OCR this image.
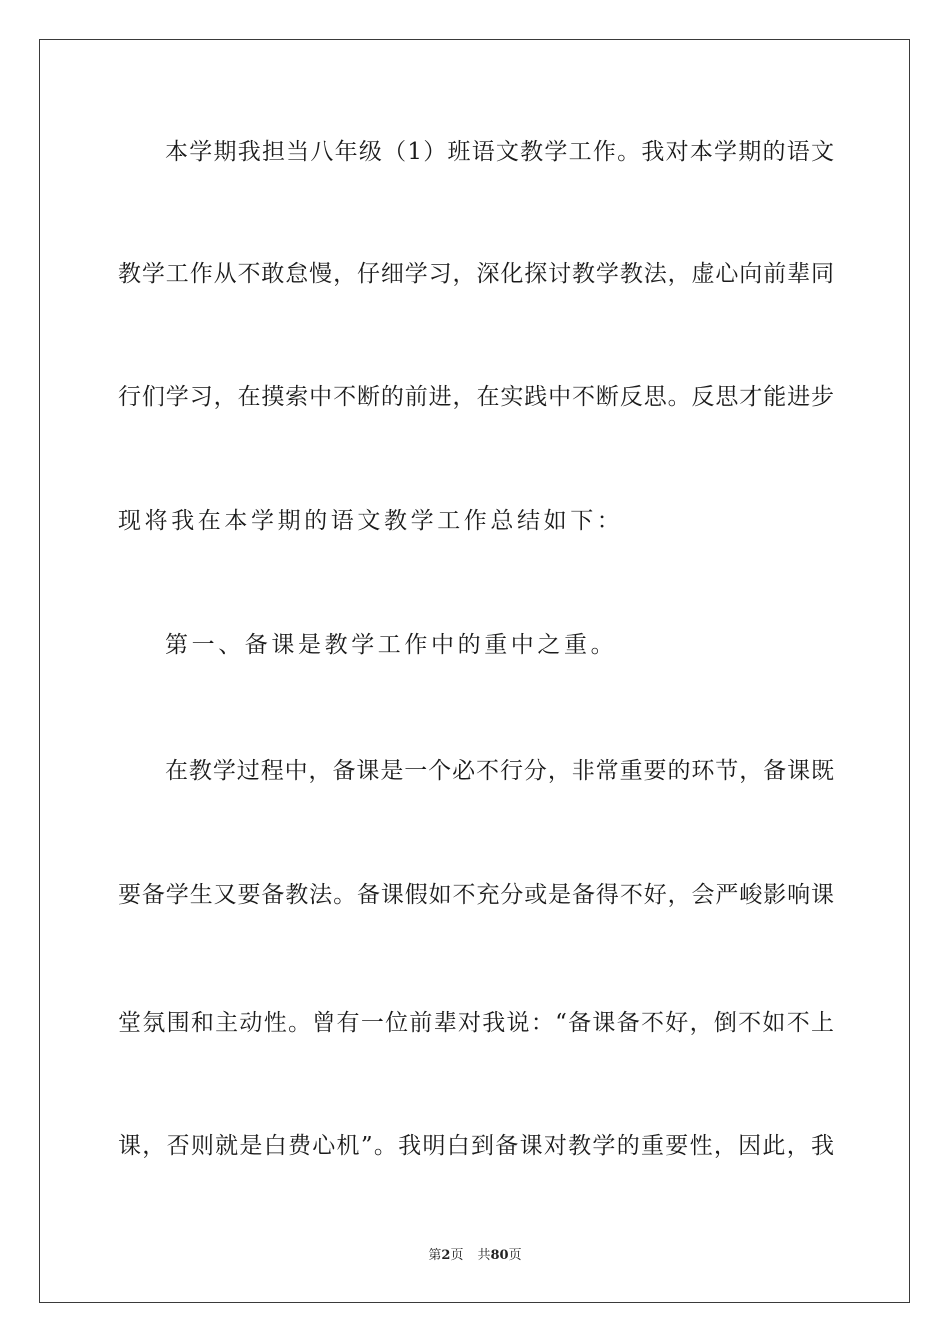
本学期我担当八年级（1）班语文教学工作。我对本学期的语文
教学工作从不敢怠慢，仔细学习，深化探讨教学教法，虚心向前辈同
行们学习，在摸索中不断的前进，在实践中不断反思。反思才能进步
现将我在本学期的语文教学工作总结如下：
第一、备课是教学工作中的重中之重。
在教学过程中，备课是一个必不行分，非常重要的环节，备课既
要备学生又要备教法。备课假如不充分或是备得不好，会严峻影响课
堂氛围和主动性。曾有一位前辈对我说：“备课备不好，倒不如不上
课，否则就是白费心机”。我明白到备课对教学的重要性，因此，我
第2页 共80页
